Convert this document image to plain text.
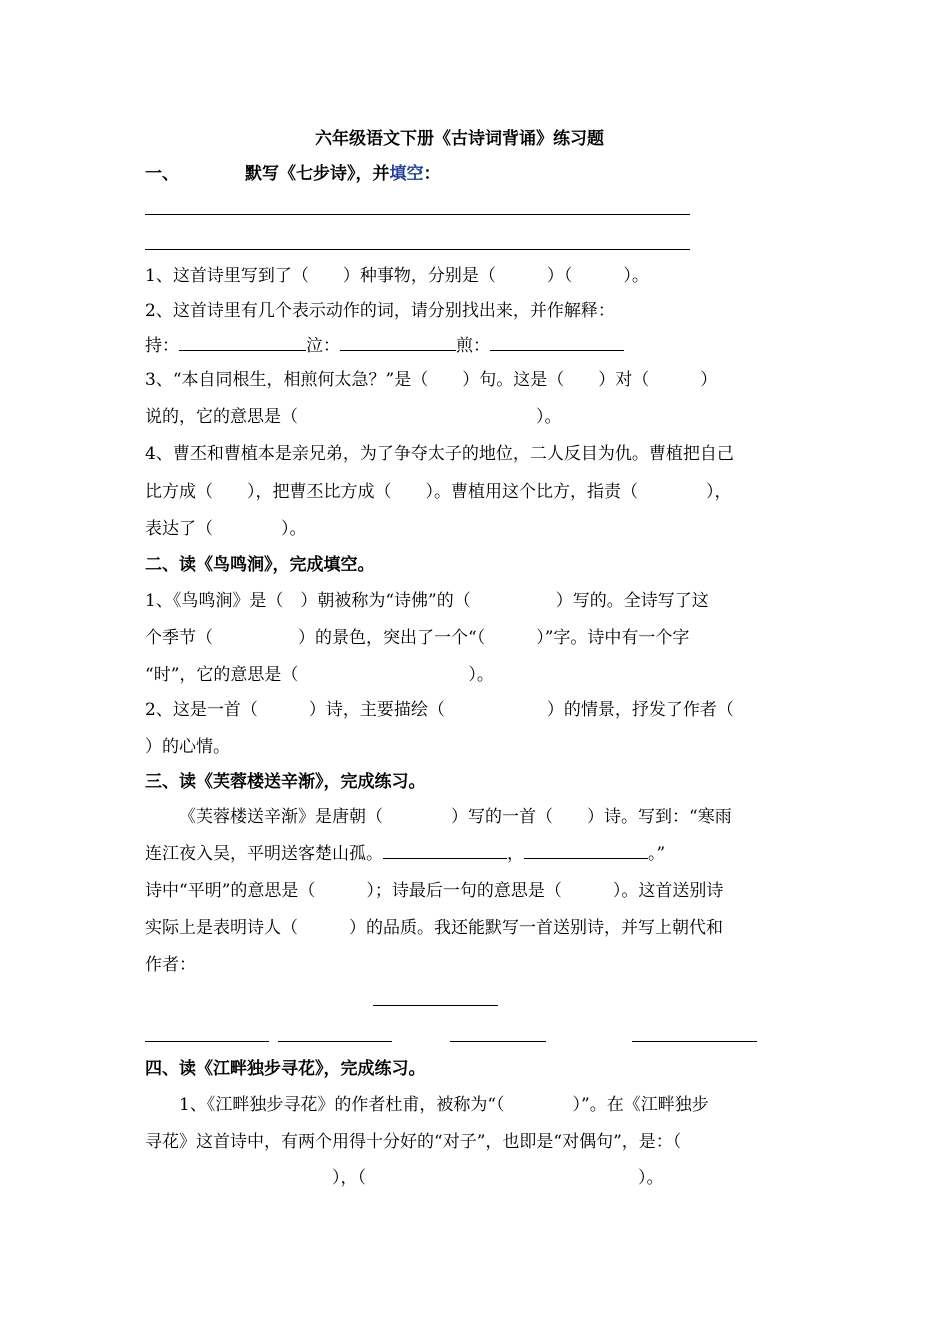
六年级语文下册《古诗词背诵》练习题
一、	默写《七步诗》，并填空：
1、这首诗里写到了（　　）种事物，分别是（　　　）（　　　）。
2、这首诗里有几个表示动作的词，请分别找出来，并作解释：
持：	泣：	煎：
3、“本自同根生，相煎何太急？”是（　　）句。这是（　　）对（　　　）
说的，它的意思是（　　　　　　　　　　　　　　）。
4、曹丕和曹植本是亲兄弟，为了争夺太子的地位，二人反目为仇。曹植把自己
比方成（　　），把曹丕比方成（　　）。曹植用这个比方，指责（　　　　），
表达了（　　　　）。
二、读《鸟鸣涧》，完成填空。
1、《鸟鸣涧》是（　）朝被称为“诗佛”的（　　　　　）写的。全诗写了这
个季节（　　　　　）的景色，突出了一个“（　　　）”字。诗中有一个字
“时”，它的意思是（　　　　　　　　　　）。
2、这是一首（　　　）诗，主要描绘（　　　　　　）的情景，抒发了作者（
）的心情。
三、读《芙蓉楼送辛渐》，完成练习。
《芙蓉楼送辛渐》是唐朝（　　　　）写的一首（　　）诗。写到：“寒雨
连江夜入吴，平明送客楚山孤。	，	。”
诗中“平明”的意思是（　　　）；诗最后一句的意思是（　　　）。这首送别诗
实际上是表明诗人（　　　）的品质。我还能默写一首送别诗，并写上朝代和
作者：
四、读《江畔独步寻花》，完成练习。
1、《江畔独步寻花》的作者杜甫，被称为“（　　　　）”。在《江畔独步
寻花》这首诗中，有两个用得十分好的“对子”，也即是“对偶句”，是：（
　　　　　　　　　　　），（　　　　　　　　　　　　　　　　）。
